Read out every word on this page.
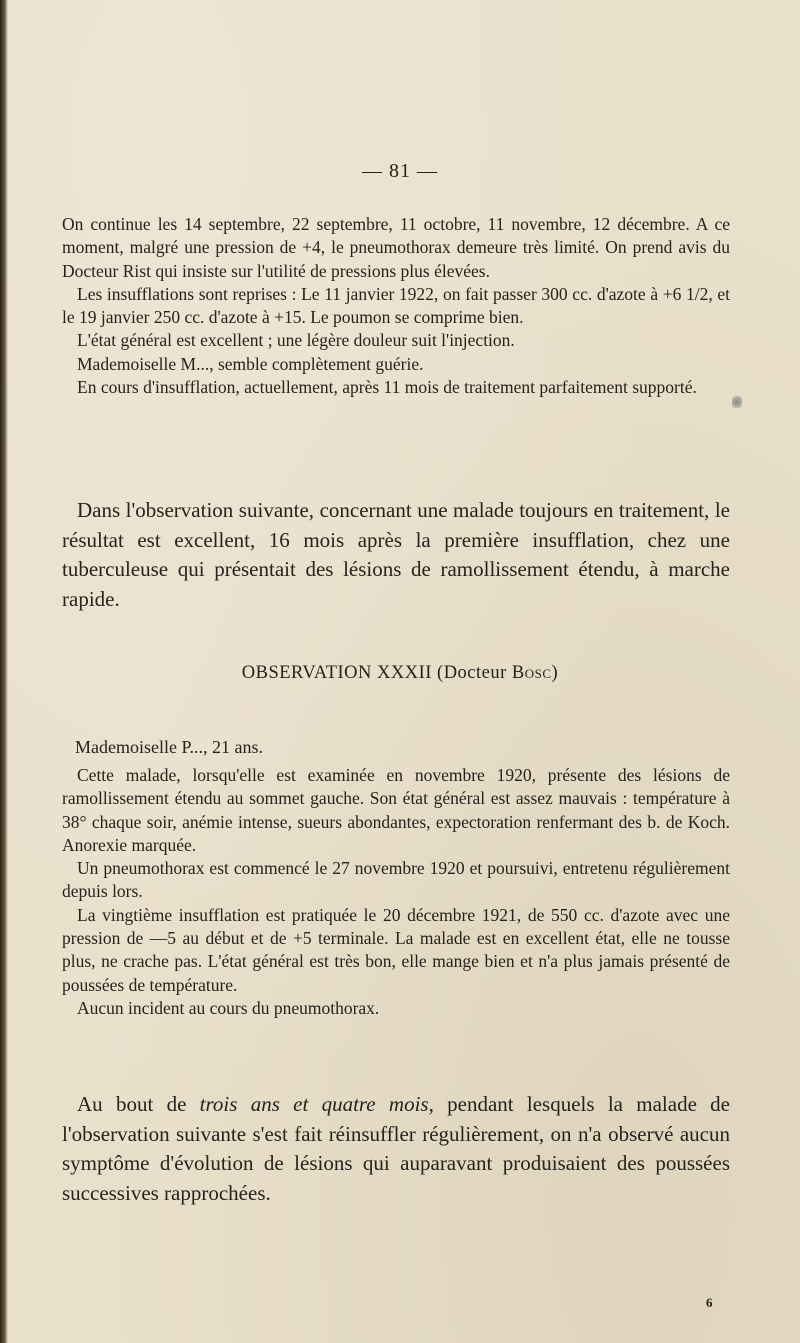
— 81 —

On continue les 14 septembre, 22 septembre, 11 octobre, 11 novembre, 12 décembre. A ce moment, malgré une pression de +4, le pneumothorax demeure très limité. On prend avis du Docteur Rist qui insiste sur l'utilité de pressions plus élevées.

Les insufflations sont reprises : Le 11 janvier 1922, on fait passer 300 cc. d'azote à +6 1/2, et le 19 janvier 250 cc. d'azote à +15. Le poumon se comprime bien.

L'état général est excellent ; une légère douleur suit l'injection.

Mademoiselle M..., semble complètement guérie.

En cours d'insufflation, actuellement, après 11 mois de traitement parfaitement supporté.

Dans l'observation suivante, concernant une malade toujours en traitement, le résultat est excellent, 16 mois après la première insufflation, chez une tuberculeuse qui présentait des lésions de ramollissement étendu, à marche rapide.

OBSERVATION XXXII (Docteur Bosc)
Mademoiselle P..., 21 ans.

Cette malade, lorsqu'elle est examinée en novembre 1920, présente des lésions de ramollissement étendu au sommet gauche. Son état général est assez mauvais : température à 38° chaque soir, anémie intense, sueurs abondantes, expectoration renfermant des b. de Koch. Anorexie marquée.

Un pneumothorax est commencé le 27 novembre 1920 et poursuivi, entretenu régulièrement depuis lors.

La vingtième insufflation est pratiquée le 20 décembre 1921, de 550 cc. d'azote avec une pression de —5 au début et de +5 terminale. La malade est en excellent état, elle ne tousse plus, ne crache pas. L'état général est très bon, elle mange bien et n'a plus jamais présenté de poussées de température.

Aucun incident au cours du pneumothorax.

Au bout de trois ans et quatre mois, pendant lesquels la malade de l'observation suivante s'est fait réinsuffler régulièrement, on n'a observé aucun symptôme d'évolution de lésions qui auparavant produisaient des poussées successives rapprochées.

6
